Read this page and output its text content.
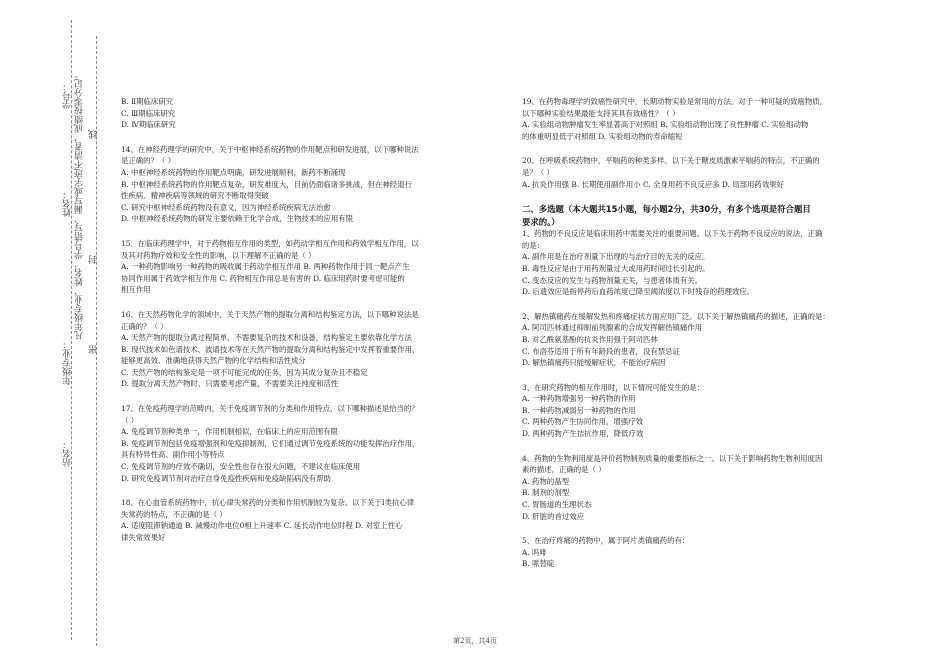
学号：
线
姓名： 凡年级专业、姓名、学号错写、漏写或字迹不清者，成绩按零分记。 封
年级专业： 密
站名：

B. Ⅱ期临床研究

C. Ⅲ期临床研究

D. Ⅳ期临床研究

14、在神经药理学的研究中，关于中枢神经系统药物的作用靶点和研发进展，以下哪种说法

是正确的？（ ）

A. 中枢神经系统药物的作用靶点明确，研发进展顺利，新药不断涌现

B. 中枢神经系统药物的作用靶点复杂，研发难度大，目前仍面临诸多挑战，但在神经退行

性疾病、精神疾病等领域的研究不断取得突破

C. 研究中枢神经系统药物没有意义，因为神经系统疾病无法治愈

D. 中枢神经系统药物的研发主要依赖于化学合成，生物技术的应用有限

15、在临床药理学中，对于药物相互作用的类型，如药动学相互作用和药效学相互作用，以

及其对药物疗效和安全性的影响，以下理解不正确的是（ ）

A. 一种药物影响另一种药物的吸收属于药动学相互作用 B. 两种药物作用于同一靶点产生

协同作用属于药效学相互作用 C. 药物相互作用总是有害的 D. 临床用药时要考虑可能的

相互作用

16、在天然药物化学的领域中，关于天然产物的提取分离和结构鉴定方法，以下哪种说法是

正确的？（ ）

A. 天然产物的提取分离过程简单，不需要复杂的技术和设备，结构鉴定主要依靠化学方法

B. 现代技术如色谱技术、波谱技术等在天然产物的提取分离和结构鉴定中发挥着重要作用，

能够更高效、准确地获得天然产物的化学结构和活性成分

C. 天然产物的结构鉴定是一项不可能完成的任务，因为其成分复杂且不稳定

D. 提取分离天然产物时，只需要考虑产量，不需要关注纯度和活性

17、在免疫药理学的范畴内，关于免疫调节剂的分类和作用特点，以下哪种描述是恰当的？

（ ）

A. 免疫调节剂种类单一，作用机制相似，在临床上的应用范围有限

B. 免疫调节剂包括免疫增强剂和免疫抑制剂，它们通过调节免疫系统的功能发挥治疗作用，

具有特异性高、副作用小等特点

C. 免疫调节剂的疗效不确切，安全性也存在很大问题，不建议在临床使用

D. 研究免疫调节剂对治疗自身免疫性疾病和免疫缺陷病没有帮助

18、在心血管系统药物中，抗心律失常药的分类和作用机制较为复杂。以下关于Ⅰ类抗心律

失常药的特点，不正确的是（ ）

A. 适度阻滞钠通道 B. 减慢动作电位0相上升速率 C. 延长动作电位时程 D. 对室上性心

律失常效果好

19、在药物毒理学的致癌性研究中，长期动物实验是常用的方法。对于一种可疑的致癌物质，

以下哪种实验结果最能支持其具有致癌性？（ ）

A. 实验组动物肿瘤发生率显著高于对照组 B. 实验组动物出现了良性肿瘤 C. 实验组动物

的体重明显低于对照组 D. 实验组动物的寿命缩短

20、在呼吸系统药物中，平喘药的种类多样。以下关于糖皮质激素平喘药的特点，不正确的

是？（ ）

A. 抗炎作用强 B. 长期使用副作用小 C. 全身用药不良反应多 D. 局部用药效果好

二、多选题（本大题共15小题，每小题2分，共30分，有多个选项是符合题目

要求的。）

1、药物的不良反应是临床用药中需要关注的重要问题。以下关于药物不良反应的说法，正确

的是：

A. 副作用是在治疗剂量下出现的与治疗目的无关的反应。

B. 毒性反应是由于用药剂量过大或用药时间过长引起的。

C. 变态反应的发生与药物剂量无关，与患者体质有关。

D. 后遗效应是指停药后血药浓度已降至阈浓度以下时残存的药理效应。

2、解热镇痛药在缓解发热和疼痛症状方面应用广泛。以下关于解热镇痛药的描述，正确的是：

A. 阿司匹林通过抑制前列腺素的合成发挥解热镇痛作用

B. 对乙酰氨基酚的抗炎作用强于阿司匹林

C. 布洛芬适用于所有年龄段的患者，没有禁忌证

D. 解热镇痛药只能缓解症状，不能治疗病因

3、在研究药物的相互作用时，以下情况可能发生的是：

A. 一种药物增强另一种药物的作用

B. 一种药物减弱另一种药物的作用

C. 两种药物产生协同作用，增强疗效

D. 两种药物产生拮抗作用，降低疗效

4、药物的生物利用度是评价药物制剂质量的重要指标之一。以下关于影响药物生物利用度因

素的描述，正确的是（ ）

A. 药物的晶型

B. 制剂的剂型

C. 胃肠道的生理状态

D. 肝脏的首过效应

5、在治疗疼痛的药物中，属于阿片类镇痛药的有：

A. 吗啡

B. 哌替啶

第2页，共4页
